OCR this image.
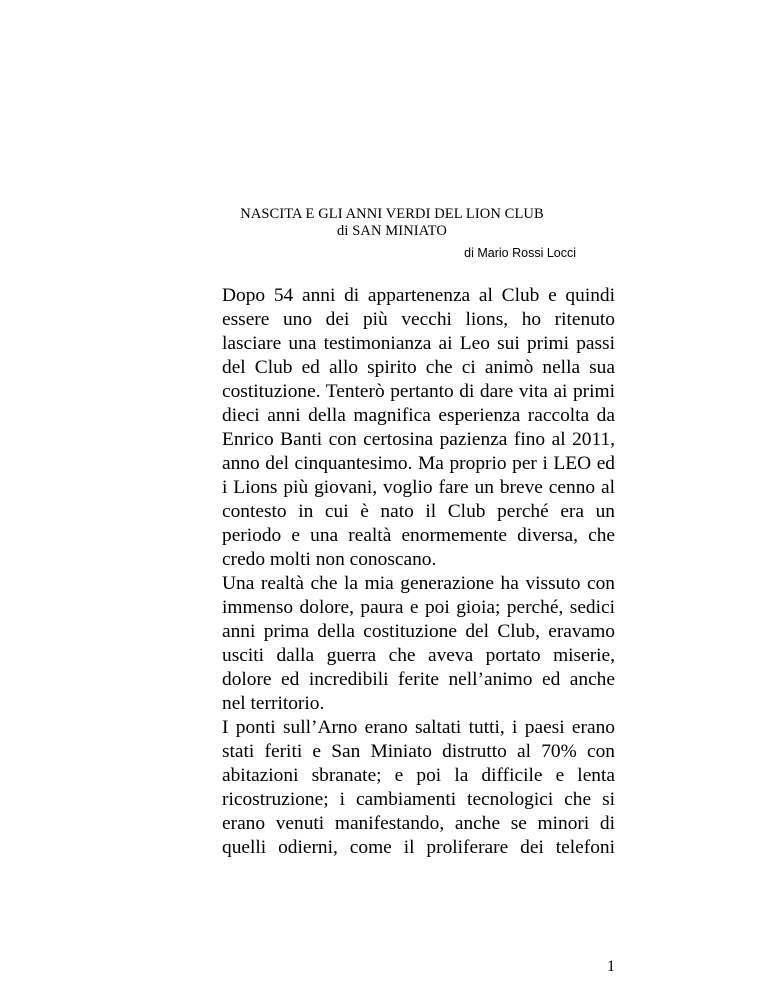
NASCITA E GLI ANNI VERDI DEL LION CLUB
di SAN MINIATO
di Mario Rossi Locci
Dopo 54 anni di appartenenza al Club e quindi
essere uno dei più vecchi lions, ho ritenuto
lasciare una testimonianza ai Leo sui primi passi
del Club ed allo spirito che ci animò nella sua
costituzione. Tenterò pertanto di dare vita ai primi
dieci anni della magnifica esperienza raccolta da
Enrico Banti con certosina pazienza fino al 2011,
anno del cinquantesimo. Ma proprio per i LEO ed
i Lions più giovani, voglio fare un breve cenno al
contesto in cui è nato il Club perché era un
periodo e una realtà enormemente diversa, che
credo molti non conoscano.
Una realtà che la mia generazione ha vissuto con
immenso dolore, paura e poi gioia; perché, sedici
anni prima della costituzione del Club, eravamo
usciti dalla guerra che aveva portato miserie,
dolore ed incredibili ferite nell’animo ed anche
nel territorio.
I ponti sull’Arno erano saltati tutti, i paesi erano
stati feriti e San Miniato distrutto al 70% con
abitazioni sbranate; e poi la difficile e lenta
ricostruzione; i cambiamenti tecnologici che si
erano venuti manifestando, anche se minori di
quelli odierni, come il proliferare dei telefoni
1
